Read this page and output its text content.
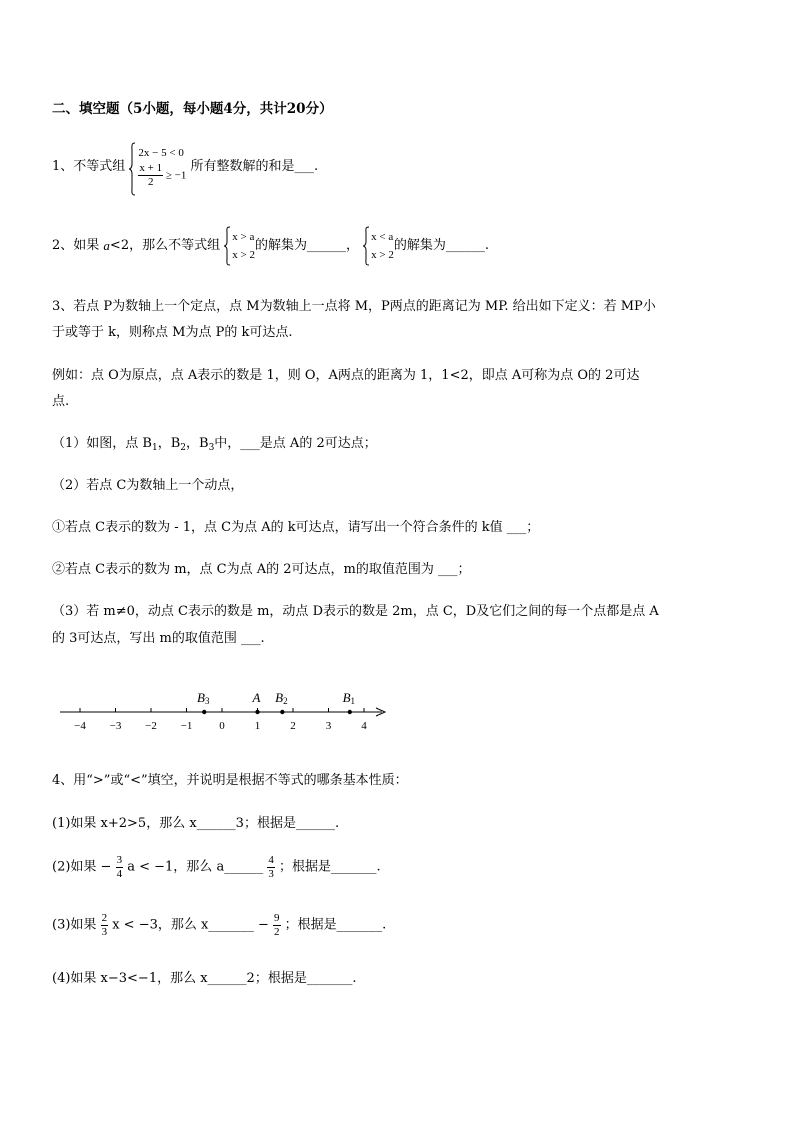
二、填空题（5小题，每小题4分，共计20分）
1、不等式组
2x − 5 < 0
$\frac{x + 1}{2} \ge -1$
所有整数解的和是___.
2、如果 a<2，那么不等式组
x > a
x > 2
的解集为______，
x < a
x > 2
的解集为______.
3、若点 P为数轴上一个定点，点 M为数轴上一点将 M，P两点的距离记为 MP. 给出如下定义：若 MP小
于或等于 k，则称点 M为点 P的 k可达点.
例如：点 O为原点，点 A表示的数是 1，则 O，A两点的距离为 1，1<2，即点 A可称为点 O的 2可达
点.
（1）如图，点 $B_1$，$B_2$，$B_3$中，___是点 A的 2可达点；
（2）若点 C为数轴上一个动点，
①若点 C表示的数为 - 1，点 C为点 A的 k可达点，请写出一个符合条件的 k值 ___；
②若点 C表示的数为 m，点 C为点 A的 2可达点，m的取值范围为 ___；
（3）若 m≠0，动点 C表示的数是 m，动点 D表示的数是 2m，点 C，D及它们之间的每一个点都是点 A
的 3可达点，写出 m的取值范围 ___.
−4 −3 −2 −1 0	1	2	3	4
B3	A B2	B1
4、用“>”或“<”填空，并说明是根据不等式的哪条基本性质：
(1)如果 x+2>5，那么 x______3；根据是______.
(2)如果 − $\frac{3}{4}$ a < −1，那么 a______ $\frac{4}{3}$ ；根据是_______.
(3)如果 $\frac{2}{3}$ x < −3，那么 x_______ − $\frac{9}{2}$ ；根据是_______.
(4)如果 x−3<−1，那么 x______2；根据是_______.
